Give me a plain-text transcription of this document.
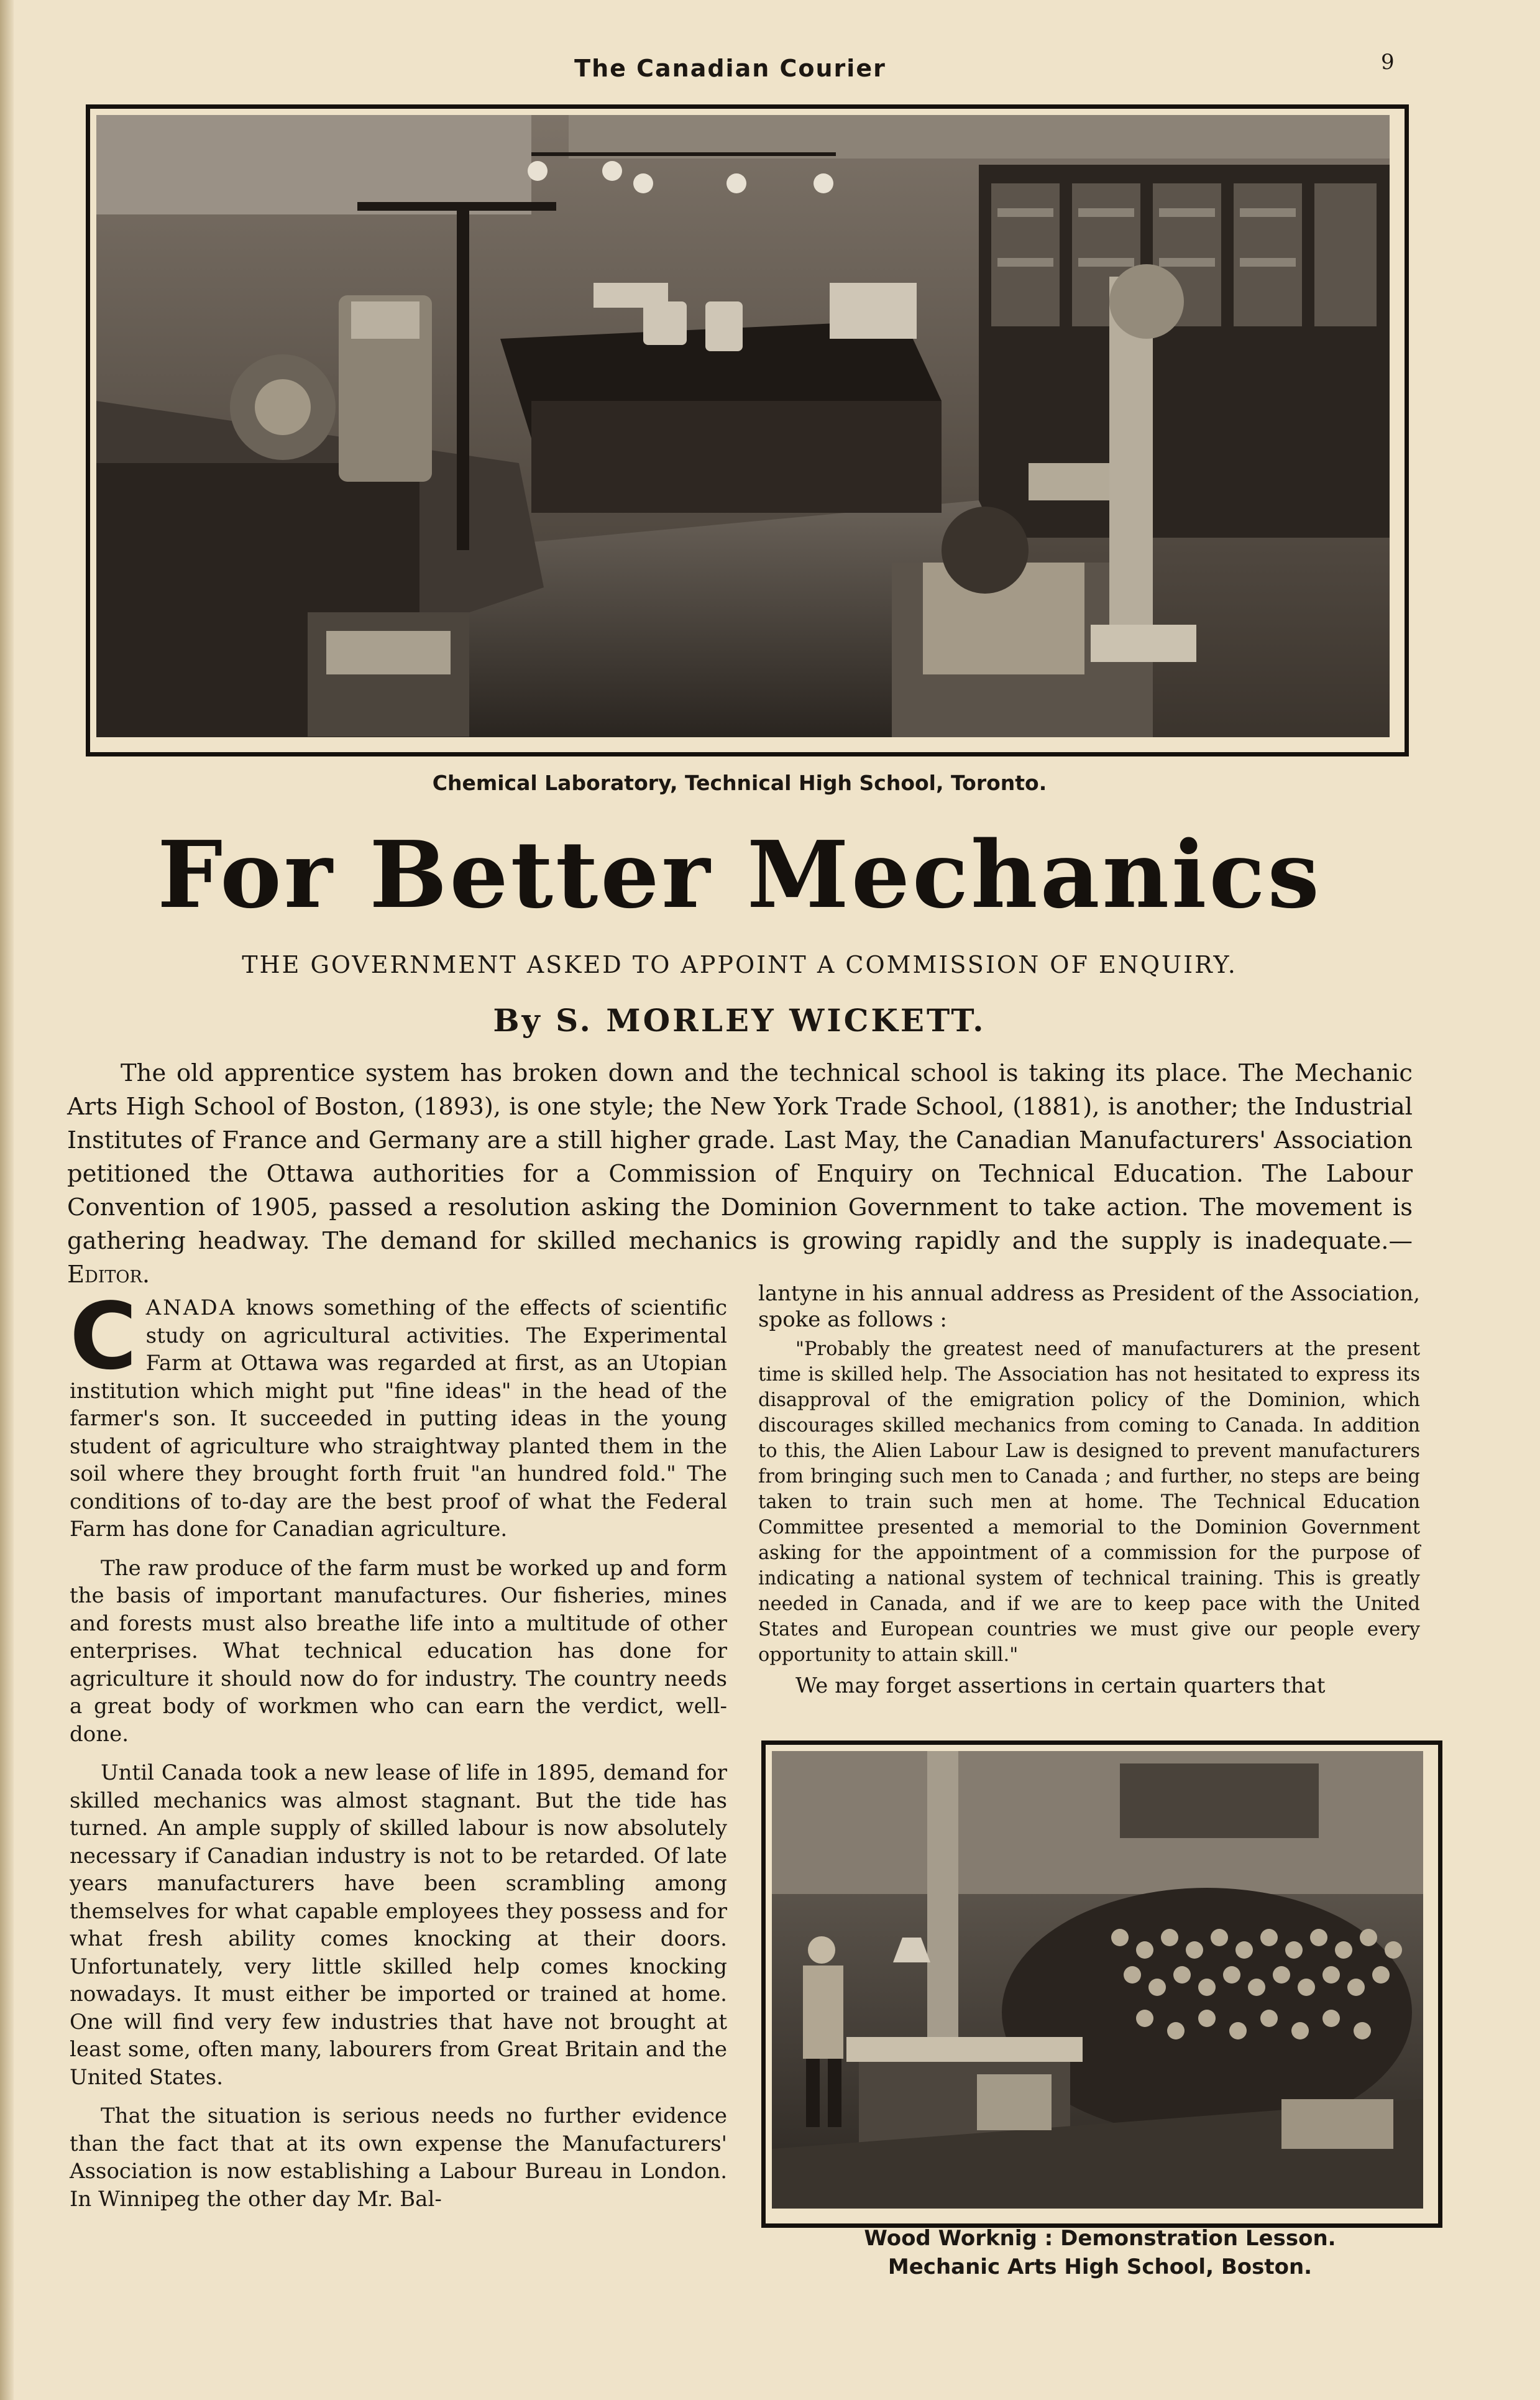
The Canadian Courier	9
Chemical Laboratory, Technical High School, Toronto.
For Better Mechanics
THE GOVERNMENT ASKED TO APPOINT A COMMISSION OF ENQUIRY.
By S. MORLEY WICKETT.

The old apprentice system has broken down and the technical school is taking its place. The Mechanic Arts High School of Boston, (1893), is one style; the New York Trade School, (1881), is another; the Industrial Institutes of France and Germany are a still higher grade. Last May, the Canadian Manufacturers' Association petitioned the Ottawa authorities for a Commission of Enquiry on Technical Education. The Labour Convention of 1905, passed a resolution asking the Dominion Government to take action. The movement is gathering headway. The demand for skilled mechanics is growing rapidly and the supply is inadequate.—Editor.

CANADA knows something of the effects of scientific study on agricultural activities. The Experimental Farm at Ottawa was regarded at first, as an Utopian institution which might put "fine ideas" in the head of the farmer's son. It succeeded in putting ideas in the young student of agriculture who straightway planted them in the soil where they brought forth fruit "an hundred fold." The conditions of to-day are the best proof of what the Federal Farm has done for Canadian agriculture.

The raw produce of the farm must be worked up and form the basis of important manufactures. Our fisheries, mines and forests must also breathe life into a multitude of other enterprises. What technical education has done for agriculture it should now do for industry. The country needs a great body of workmen who can earn the verdict, well-done.

Until Canada took a new lease of life in 1895, demand for skilled mechanics was almost stagnant. But the tide has turned. An ample supply of skilled labour is now absolutely necessary if Canadian industry is not to be retarded. Of late years manufacturers have been scrambling among themselves for what capable employees they possess and for what fresh ability comes knocking at their doors. Unfortunately, very little skilled help comes knocking nowadays. It must either be imported or trained at home. One will find very few industries that have not brought at least some, often many, labourers from Great Britain and the United States.

That the situation is serious needs no further evidence than the fact that at its own expense the Manufacturers' Association is now establishing a Labour Bureau in London. In Winnipeg the other day Mr. Bal-

lantyne in his annual address as President of the Association, spoke as follows :

"Probably the greatest need of manufacturers at the present time is skilled help. The Association has not hesitated to express its disapproval of the emigration policy of the Dominion, which discourages skilled mechanics from coming to Canada. In addition to this, the Alien Labour Law is designed to prevent manufacturers from bringing such men to Canada ; and further, no steps are being taken to train such men at home. The Technical Education Committee presented a memorial to the Dominion Government asking for the appointment of a commission for the purpose of indicating a national system of technical training. This is greatly needed in Canada, and if we are to keep pace with the United States and European countries we must give our people every opportunity to attain skill."

We may forget assertions in certain quarters that

Wood Worknig : Demonstration Lesson.
Mechanic Arts High School, Boston.
